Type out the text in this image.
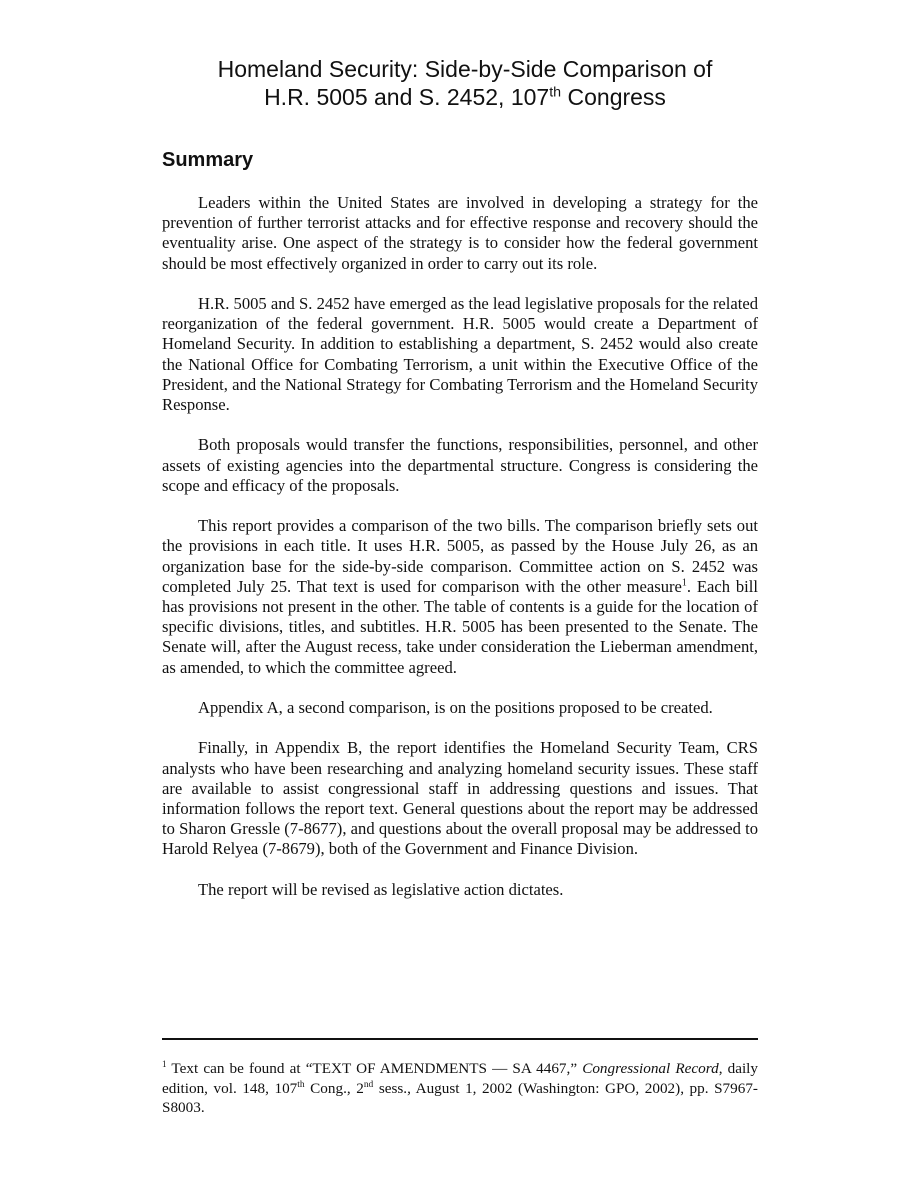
Homeland Security: Side-by-Side Comparison of
H.R. 5005 and S. 2452, 107th Congress
Summary

Leaders within the United States are involved in developing a strategy for the prevention of further terrorist attacks and for effective response and recovery should the eventuality arise. One aspect of the strategy is to consider how the federal government should be most effectively organized in order to carry out its role.

H.R. 5005 and S. 2452 have emerged as the lead legislative proposals for the related reorganization of the federal government. H.R. 5005 would create a Department of Homeland Security. In addition to establishing a department, S. 2452 would also create the National Office for Combating Terrorism, a unit within the Executive Office of the President, and the National Strategy for Combating Terrorism and the Homeland Security Response.

Both proposals would transfer the functions, responsibilities, personnel, and other assets of existing agencies into the departmental structure. Congress is considering the scope and efficacy of the proposals.

This report provides a comparison of the two bills. The comparison briefly sets out the provisions in each title. It uses H.R. 5005, as passed by the House July 26, as an organization base for the side-by-side comparison. Committee action on S. 2452 was completed July 25. That text is used for comparison with the other measure$^1$. Each bill has provisions not present in the other. The table of contents is a guide for the location of specific divisions, titles, and subtitles. H.R. 5005 has been presented to the Senate. The Senate will, after the August recess, take under consideration the Lieberman amendment, as amended, to which the committee agreed.

Appendix A, a second comparison, is on the positions proposed to be created.

Finally, in Appendix B, the report identifies the Homeland Security Team, CRS analysts who have been researching and analyzing homeland security issues. These staff are available to assist congressional staff in addressing questions and issues. That information follows the report text. General questions about the report may be addressed to Sharon Gressle (7-8677), and questions about the overall proposal may be addressed to Harold Relyea (7-8679), both of the Government and Finance Division.

The report will be revised as legislative action dictates.

$^1$ Text can be found at “TEXT OF AMENDMENTS — SA 4467,” Congressional Record, daily edition, vol. 148, 107th Cong., 2nd sess., August 1, 2002 (Washington: GPO, 2002), pp. S7967-S8003.
